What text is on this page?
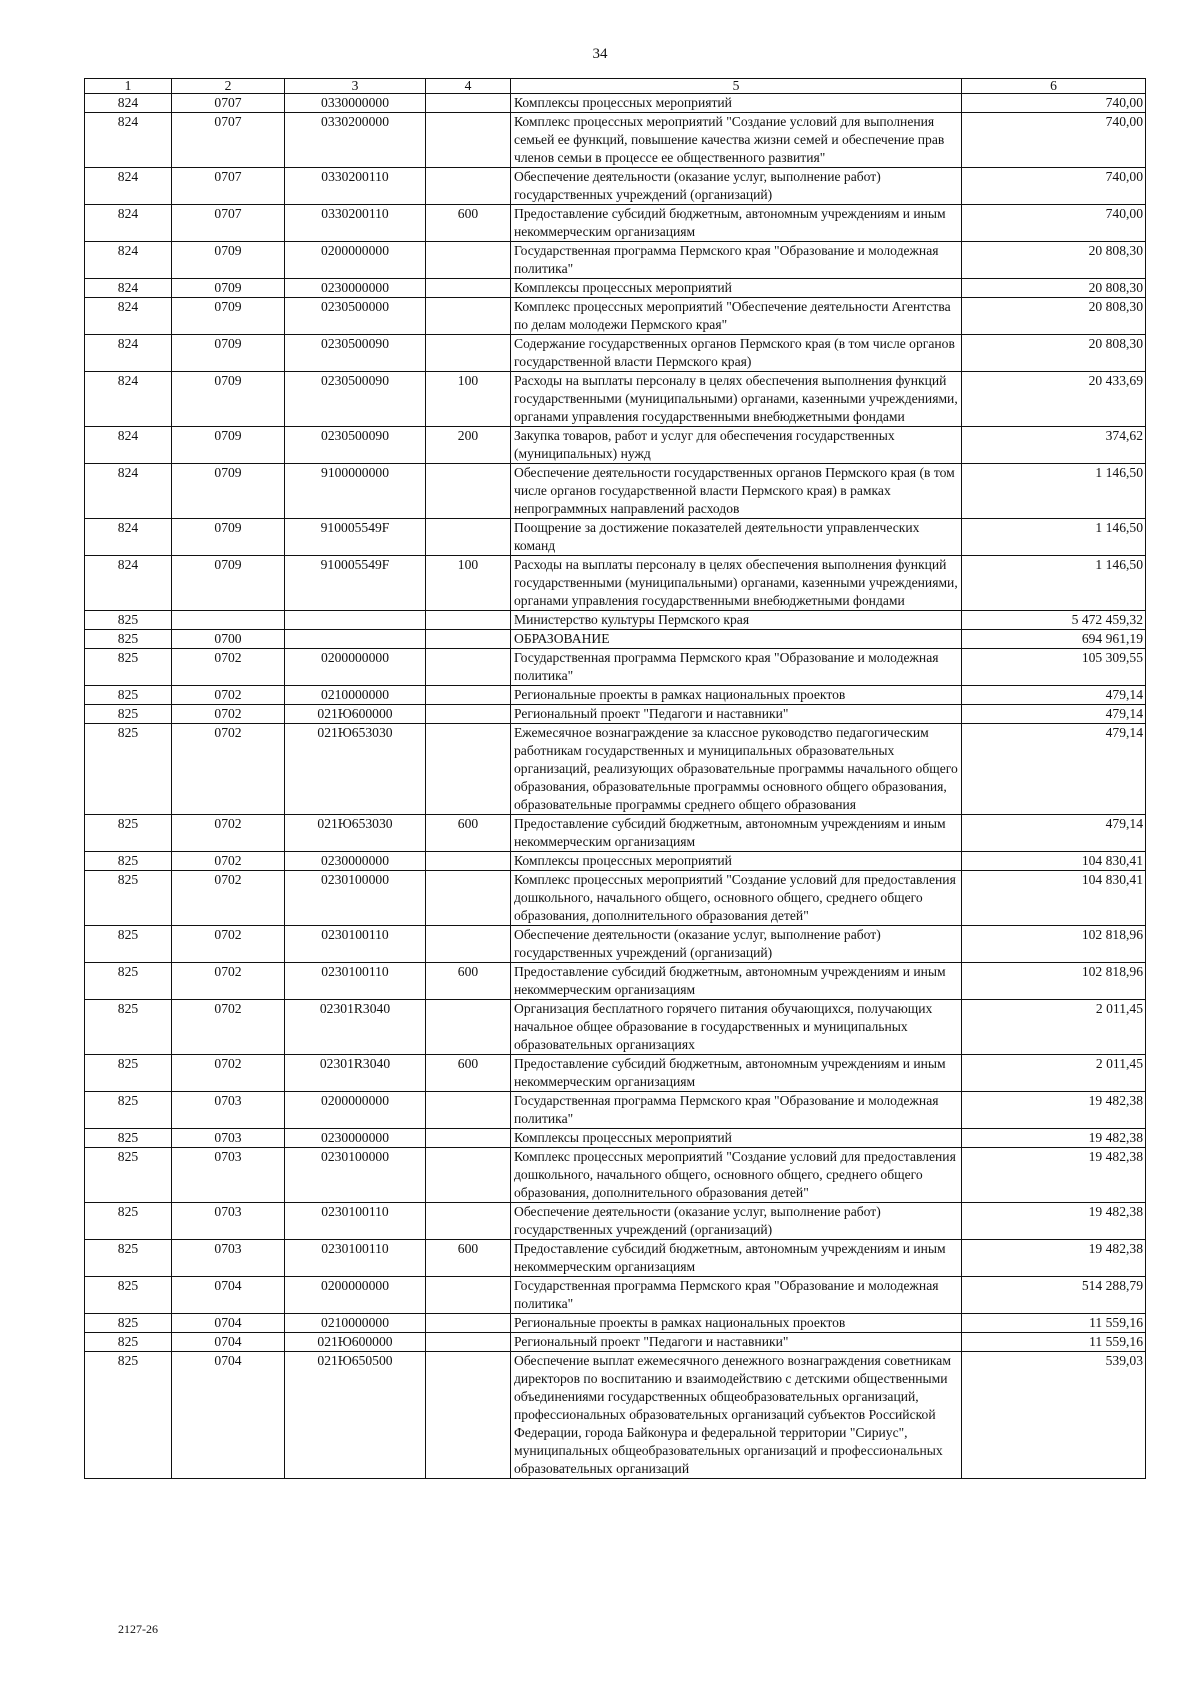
34
1	2	3	4	5	6
824	0707	0330000000		Комплексы процессных мероприятий	740,00
824	0707	0330200000		Комплекс процессных мероприятий "Создание условий для выполнения семьей ее функций, повышение качества жизни семей и обеспечение прав членов семьи в процессе ее общественного развития"	740,00
824	0707	0330200110		Обеспечение деятельности (оказание услуг, выполнение работ) государственных учреждений (организаций)	740,00
824	0707	0330200110	600	Предоставление субсидий бюджетным, автономным учреждениям и иным некоммерческим организациям	740,00
824	0709	0200000000		Государственная программа Пермского края "Образование и молодежная политика"	20 808,30
824	0709	0230000000		Комплексы процессных мероприятий	20 808,30
824	0709	0230500000		Комплекс процессных мероприятий "Обеспечение деятельности Агентства по делам молодежи Пермского края"	20 808,30
824	0709	0230500090		Содержание государственных органов Пермского края (в том числе органов государственной власти Пермского края)	20 808,30
824	0709	0230500090	100	Расходы на выплаты персоналу в целях обеспечения выполнения функций государственными (муниципальными) органами, казенными учреждениями, органами управления государственными внебюджетными фондами	20 433,69
824	0709	0230500090	200	Закупка товаров, работ и услуг для обеспечения государственных (муниципальных) нужд	374,62
824	0709	9100000000		Обеспечение деятельности государственных органов Пермского края (в том числе органов государственной власти Пермского края) в рамках непрограммных направлений расходов	1 146,50
824	0709	910005549F		Поощрение за достижение показателей деятельности управленческих команд	1 146,50
824	0709	910005549F	100	Расходы на выплаты персоналу в целях обеспечения выполнения функций государственными (муниципальными) органами, казенными учреждениями, органами управления государственными внебюджетными фондами	1 146,50
825				Министерство культуры Пермского края	5 472 459,32
825	0700			ОБРАЗОВАНИЕ	694 961,19
825	0702	0200000000		Государственная программа Пермского края "Образование и молодежная политика"	105 309,55
825	0702	0210000000		Региональные проекты в рамках национальных проектов	479,14
825	0702	021Ю600000		Региональный проект "Педагоги и наставники"	479,14
825	0702	021Ю653030		Ежемесячное вознаграждение за классное руководство педагогическим работникам государственных и муниципальных образовательных организаций, реализующих образовательные программы начального общего образования, образовательные программы основного общего образования, образовательные программы среднего общего образования	479,14
825	0702	021Ю653030	600	Предоставление субсидий бюджетным, автономным учреждениям и иным некоммерческим организациям	479,14
825	0702	0230000000		Комплексы процессных мероприятий	104 830,41
825	0702	0230100000		Комплекс процессных мероприятий "Создание условий для предоставления дошкольного, начального общего, основного общего, среднего общего образования, дополнительного образования детей"	104 830,41
825	0702	0230100110		Обеспечение деятельности (оказание услуг, выполнение работ) государственных учреждений (организаций)	102 818,96
825	0702	0230100110	600	Предоставление субсидий бюджетным, автономным учреждениям и иным некоммерческим организациям	102 818,96
825	0702	02301R3040		Организация бесплатного горячего питания обучающихся, получающих начальное общее образование в государственных и муниципальных образовательных организациях	2 011,45
825	0702	02301R3040	600	Предоставление субсидий бюджетным, автономным учреждениям и иным некоммерческим организациям	2 011,45
825	0703	0200000000		Государственная программа Пермского края "Образование и молодежная политика"	19 482,38
825	0703	0230000000		Комплексы процессных мероприятий	19 482,38
825	0703	0230100000		Комплекс процессных мероприятий "Создание условий для предоставления дошкольного, начального общего, основного общего, среднего общего образования, дополнительного образования детей"	19 482,38
825	0703	0230100110		Обеспечение деятельности (оказание услуг, выполнение работ) государственных учреждений (организаций)	19 482,38
825	0703	0230100110	600	Предоставление субсидий бюджетным, автономным учреждениям и иным некоммерческим организациям	19 482,38
825	0704	0200000000		Государственная программа Пермского края "Образование и молодежная политика"	514 288,79
825	0704	0210000000		Региональные проекты в рамках национальных проектов	11 559,16
825	0704	021Ю600000		Региональный проект "Педагоги и наставники"	11 559,16
825	0704	021Ю650500		Обеспечение выплат ежемесячного денежного вознаграждения советникам директоров по воспитанию и взаимодействию с детскими общественными объединениями государственных общеобразовательных организаций, профессиональных образовательных организаций субъектов Российской Федерации, города Байконура и федеральной территории "Сириус", муниципальных общеобразовательных организаций и профессиональных образовательных организаций	539,03
2127-26
